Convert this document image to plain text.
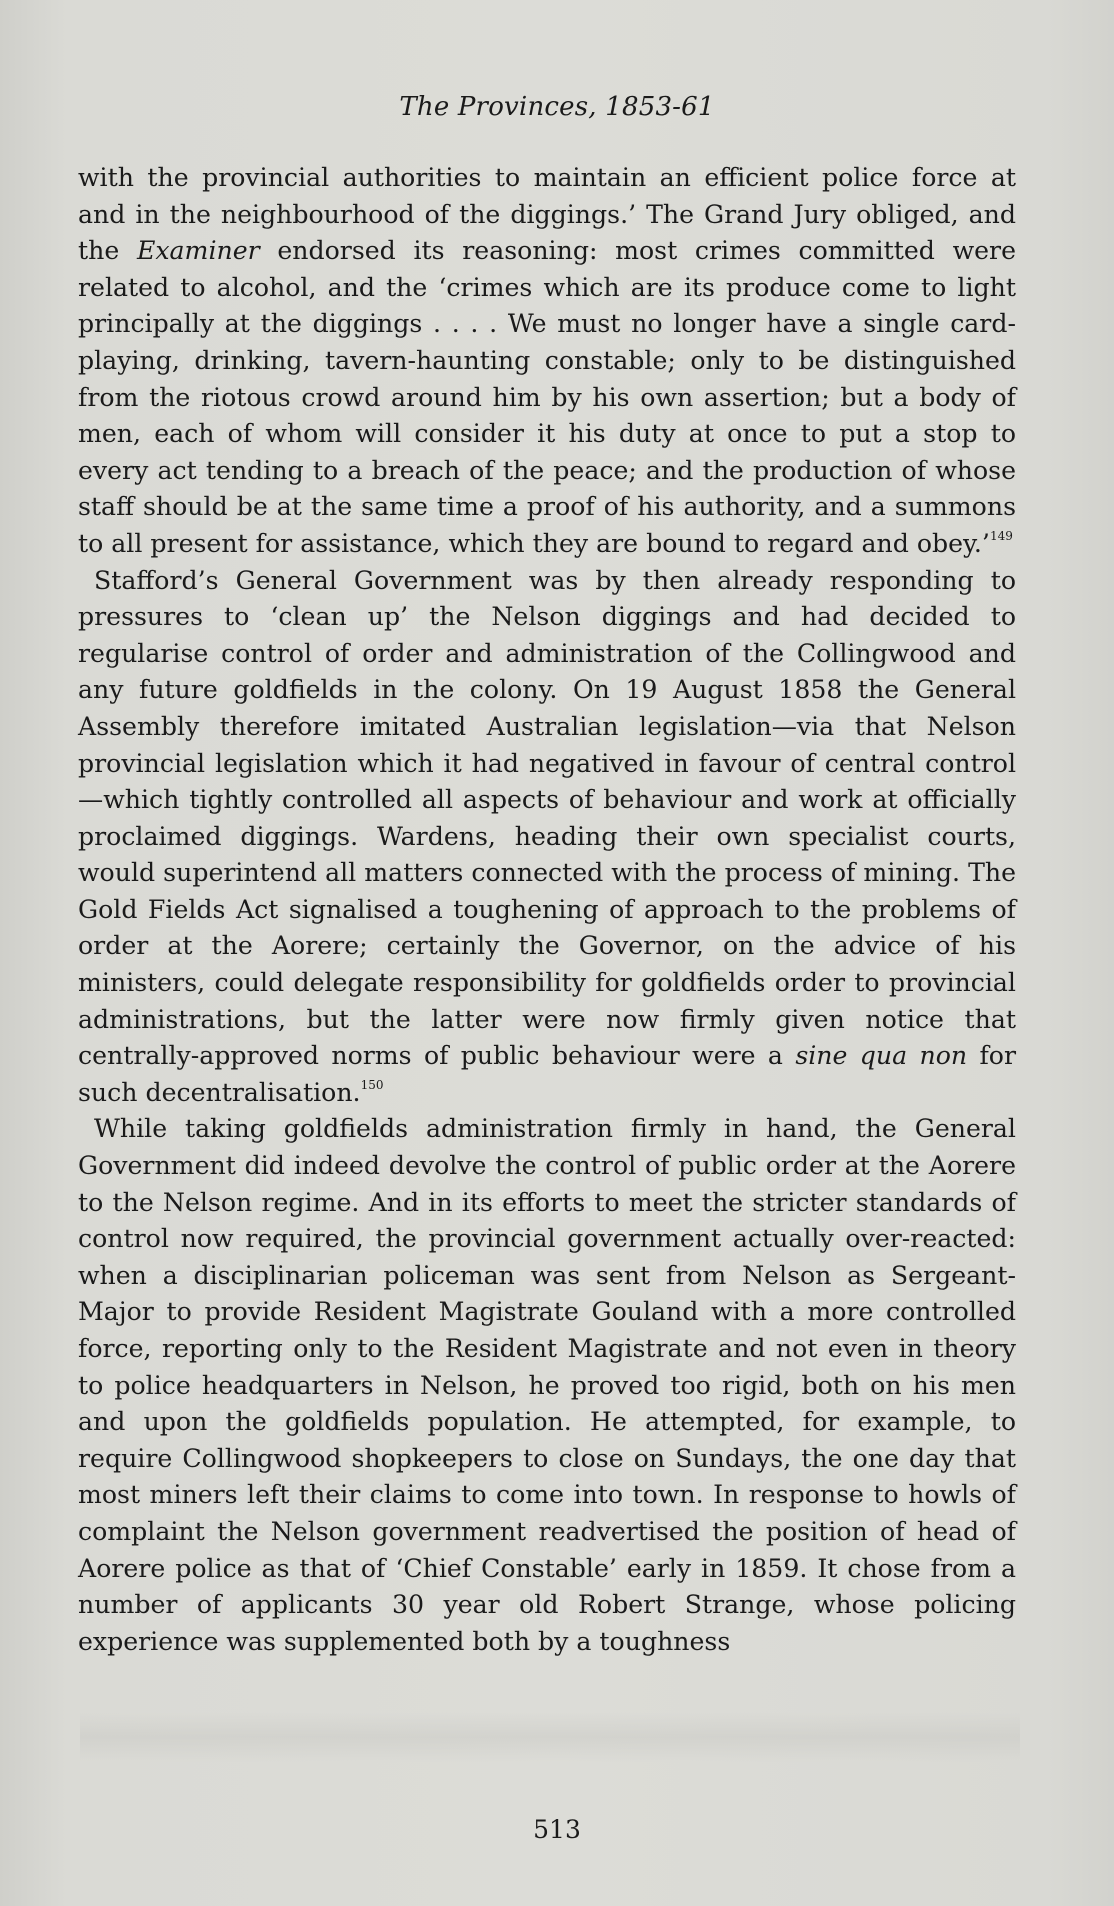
The Provinces, 1853-61

with the provincial authorities to maintain an efficient police force at and in the neighbourhood of the diggings.’ The Grand Jury obliged, and the Examiner endorsed its reasoning: most crimes committed were related to alcohol, and the ‘crimes which are its produce come to light principally at the diggings . . . . We must no longer have a single card-playing, drinking, tavern-haunting constable; only to be distinguished from the riotous crowd around him by his own assertion; but a body of men, each of whom will consider it his duty at once to put a stop to every act tending to a breach of the peace; and the production of whose staff should be at the same time a proof of his authority, and a summons to all present for assistance, which they are bound to regard and obey.’$^{149}$

Stafford’s General Government was by then already responding to pressures to ‘clean up’ the Nelson diggings and had decided to regularise control of order and administration of the Collingwood and any future goldfields in the colony. On 19 August 1858 the General Assembly therefore imitated Australian legislation—via that Nelson provincial legislation which it had negatived in favour of central control—which tightly controlled all aspects of behaviour and work at officially proclaimed diggings. Wardens, heading their own specialist courts, would superintend all matters connected with the process of mining. The Gold Fields Act signalised a toughening of approach to the problems of order at the Aorere; certainly the Governor, on the advice of his ministers, could delegate responsibility for goldfields order to provincial administrations, but the latter were now firmly given notice that centrally-approved norms of public behaviour were a sine qua non for such decentralisation.$^{150}$

While taking goldfields administration firmly in hand, the General Government did indeed devolve the control of public order at the Aorere to the Nelson regime. And in its efforts to meet the stricter standards of control now required, the provincial government actually over-reacted: when a disciplinarian policeman was sent from Nelson as Sergeant-Major to provide Resident Magistrate Gouland with a more controlled force, reporting only to the Resident Magistrate and not even in theory to police headquarters in Nelson, he proved too rigid, both on his men and upon the goldfields population. He attempted, for example, to require Collingwood shopkeepers to close on Sundays, the one day that most miners left their claims to come into town. In response to howls of complaint the Nelson government readvertised the position of head of Aorere police as that of ‘Chief Constable’ early in 1859. It chose from a number of applicants 30 year old Robert Strange, whose policing experience was supplemented both by a toughness

513
